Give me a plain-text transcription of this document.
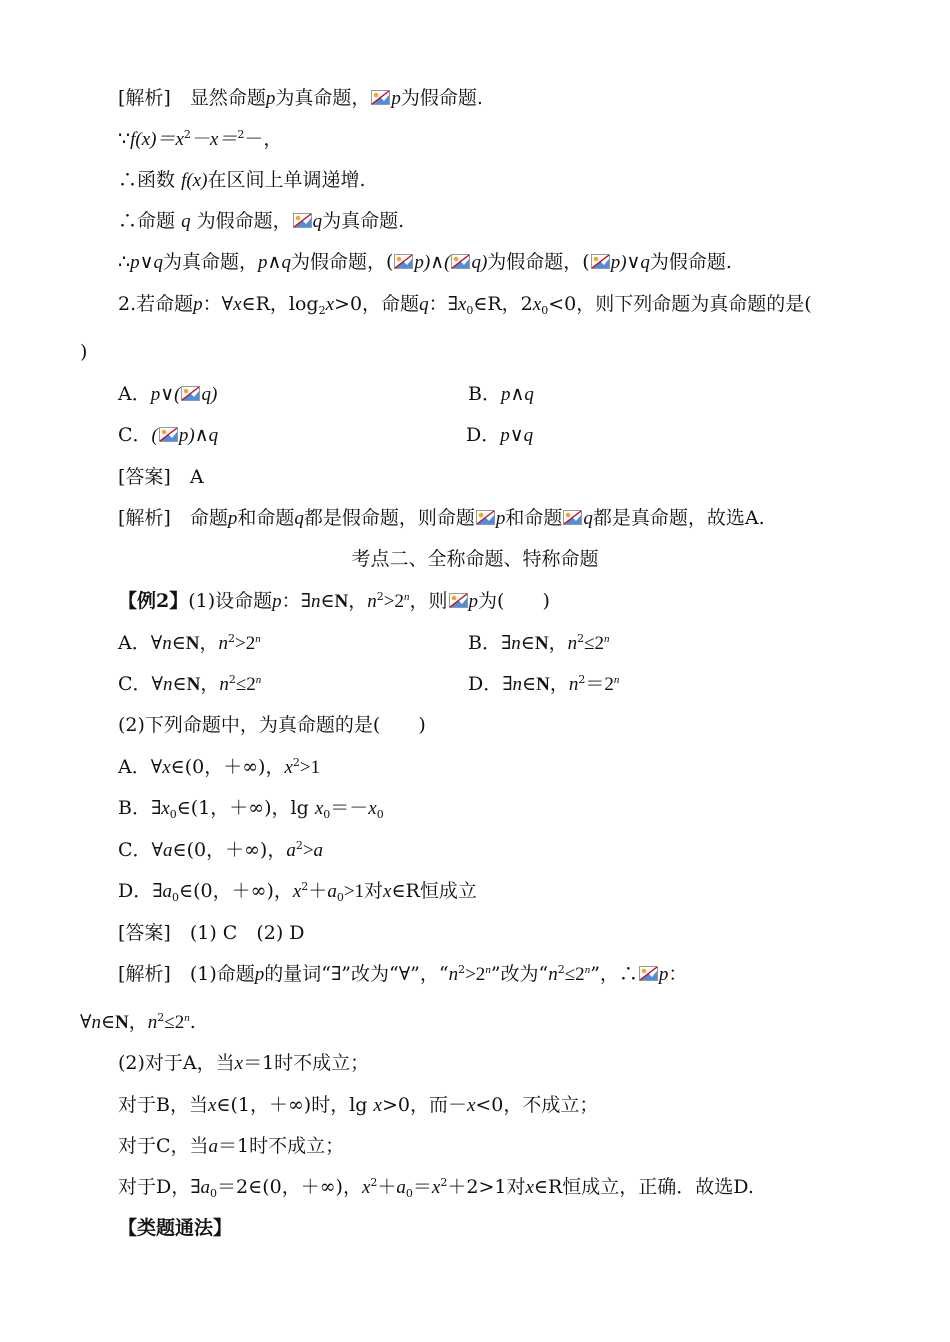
[解析]　显然命题p为真命题， p为假命题.
$\because f(x)=x^2-x=^2-$，
∴函数 f(x)在区间上单调递增.
∴命题 q 为假命题， q为真命题.
∴p∨q为真命题，p∧q为假命题，( p)∧( q)为假命题，( p)∨q为假命题.
2.若命题p：∀x∈R，$\log_2x>0$，命题q：$\exists x_0\in R$，$2x_0<0$，则下列命题为真命题的是(
)
A．p∨( q)	B．p∧q
C．( p)∧q	D．p∨q
[答案]　A
[解析]　命题p和命题q都是假命题，则命题 p和命题 q都是真命题，故选A.
考点二、全称命题、特称命题
【例2】(1)设命题p：∃n∈N，$n^2>2^n$，则 p为(　　)
A．∀n∈N，$n^2>2^n$	B．∃n∈N，$n^2\le 2^n$
C．∀n∈N，$n^2\le 2^n$	D．∃n∈N，$n^2=2^n$
(2)下列命题中，为真命题的是(　　)
A．∀x∈(0，＋∞)，$x^2>1$
B．$\exists x_0\in(1$，＋∞)，$\lg x_0=-x_0$
C．∀a∈(0，＋∞)，$a^2>a$
D．$\exists a_0\in(0$，＋∞)，$x^2+a_0>1$对x∈R恒成立
[答案]　(1) C　(2) D
[解析]　(1)命题p的量词“∃”改为“∀”，“$n^2>2^n$”改为“$n^2\le 2^n$”，∴ p：
∀n∈N，$n^2\le 2^n$.
(2)对于A，当x＝1时不成立；
对于B，当x∈(1，＋∞)时，lg x>0，而－x<0，不成立；
对于C，当a＝1时不成立；
对于D，$\exists a_0=2\in(0$，＋∞)，$x^2+a_0=x^2+2>1$对x∈R恒成立，正确．故选D.
【类题通法】
